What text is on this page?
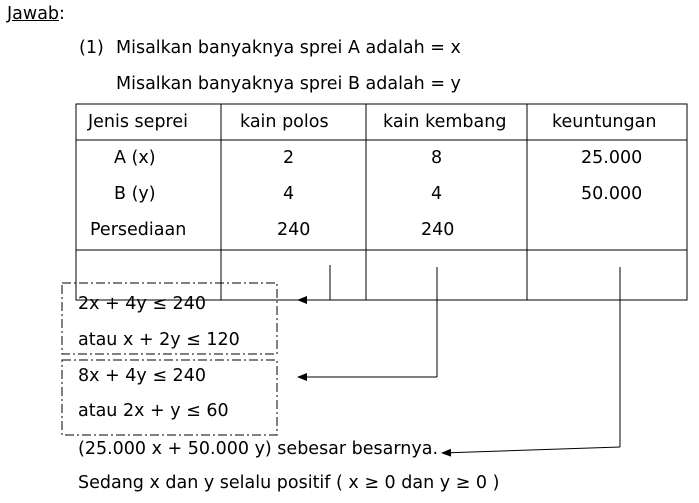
Jawab:
(1) Misalkan banyaknya sprei A adalah = x
Misalkan banyaknya sprei B adalah = y
Jenis seprei	kain polos	kain kembang	keuntungan
A (x)	2	8	25.000
B (y)	4	4	50.000
Persediaan	240	240
2x + 4y ≤ 240
atau x + 2y ≤ 120
8x + 4y ≤ 240
atau 2x + y ≤ 60
(25.000 x + 50.000 y) sebesar besarnya.
Sedang x dan y selalu positif ( x ≥ 0 dan y ≥ 0 )
